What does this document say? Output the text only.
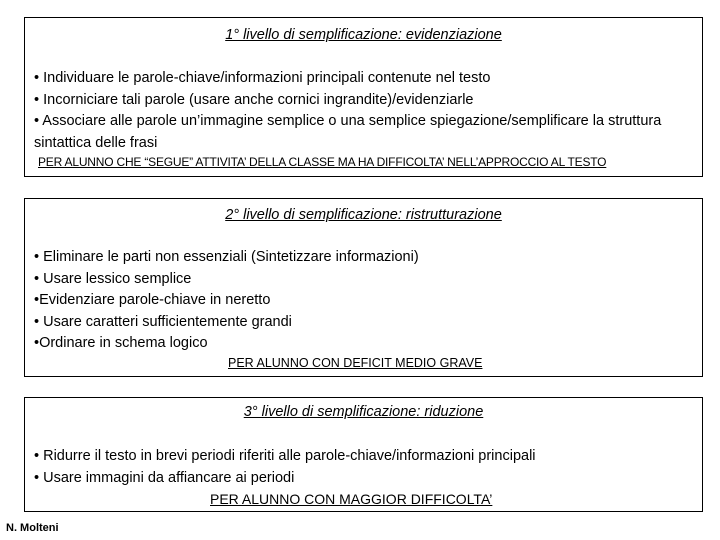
1° livello di semplificazione: evidenziazione
• Individuare le parole-chiave/informazioni principali contenute nel testo
• Incorniciare tali parole (usare anche cornici ingrandite)/evidenziarle
• Associare alle parole un’immagine semplice o una semplice spiegazione/semplificare la struttura sintattica delle frasi
PER ALUNNO CHE “SEGUE” ATTIVITA’ DELLA CLASSE MA HA DIFFICOLTA’ NELL’APPROCCIO AL TESTO
2° livello di semplificazione: ristrutturazione
• Eliminare le parti non essenziali (Sintetizzare informazioni)
• Usare lessico semplice
•Evidenziare parole-chiave in neretto
• Usare caratteri sufficientemente grandi
•Ordinare in schema logico
PER ALUNNO CON DEFICIT MEDIO GRAVE
3° livello di semplificazione: riduzione
• Ridurre il testo in brevi periodi riferiti alle parole-chiave/informazioni principali
• Usare immagini da affiancare ai periodi
PER ALUNNO CON MAGGIOR DIFFICOLTA’
N. Molteni
